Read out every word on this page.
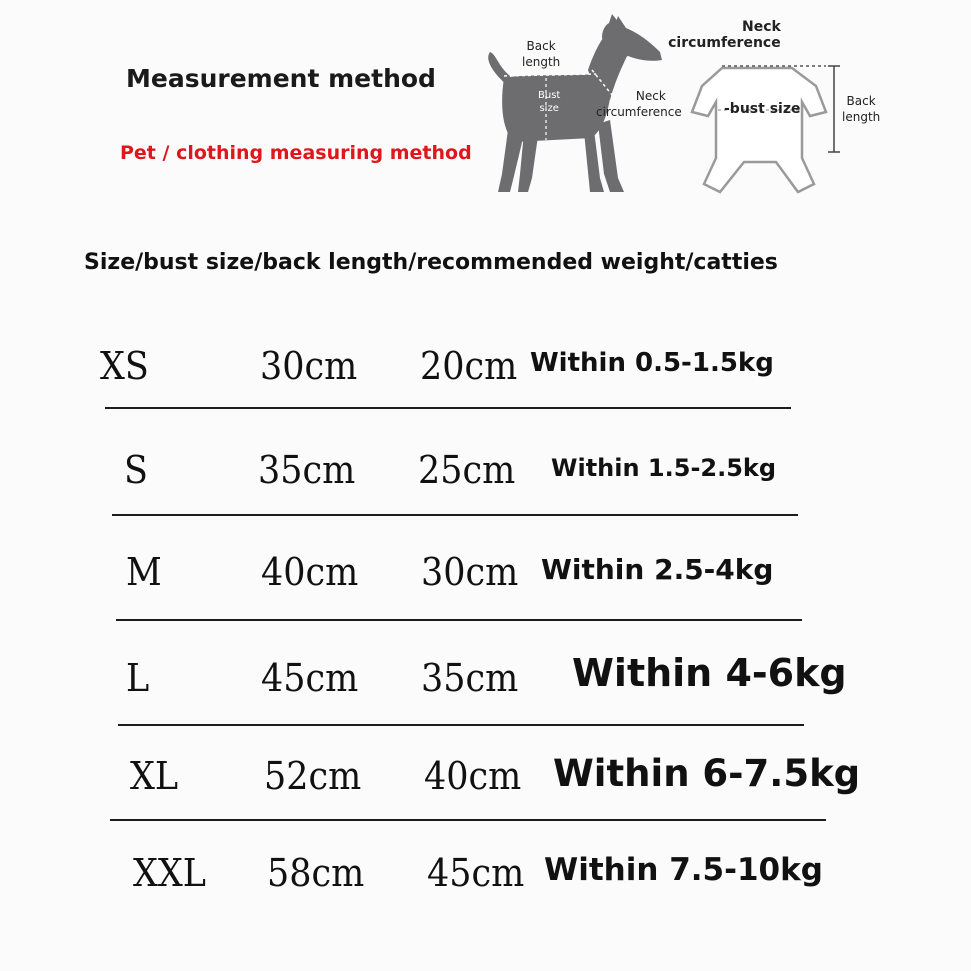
Measurement method
Pet / clothing measuring method
Back
length
Bust
size
Neck
circumference
Neck
circumference
-bust size	Back
length
Size/bust size/back length/recommended weight/catties
XS	30cm 20cm Within 0.5-1.5kg
S	35cm 25cm Within 1.5-2.5kg
M	40cm 30cm Within 2.5-4kg
L	45cm 35cm Within 4-6kg
XL 52cm 40cm Within 6-7.5kg
XXL 58cm 45cm Within 7.5-10kg
